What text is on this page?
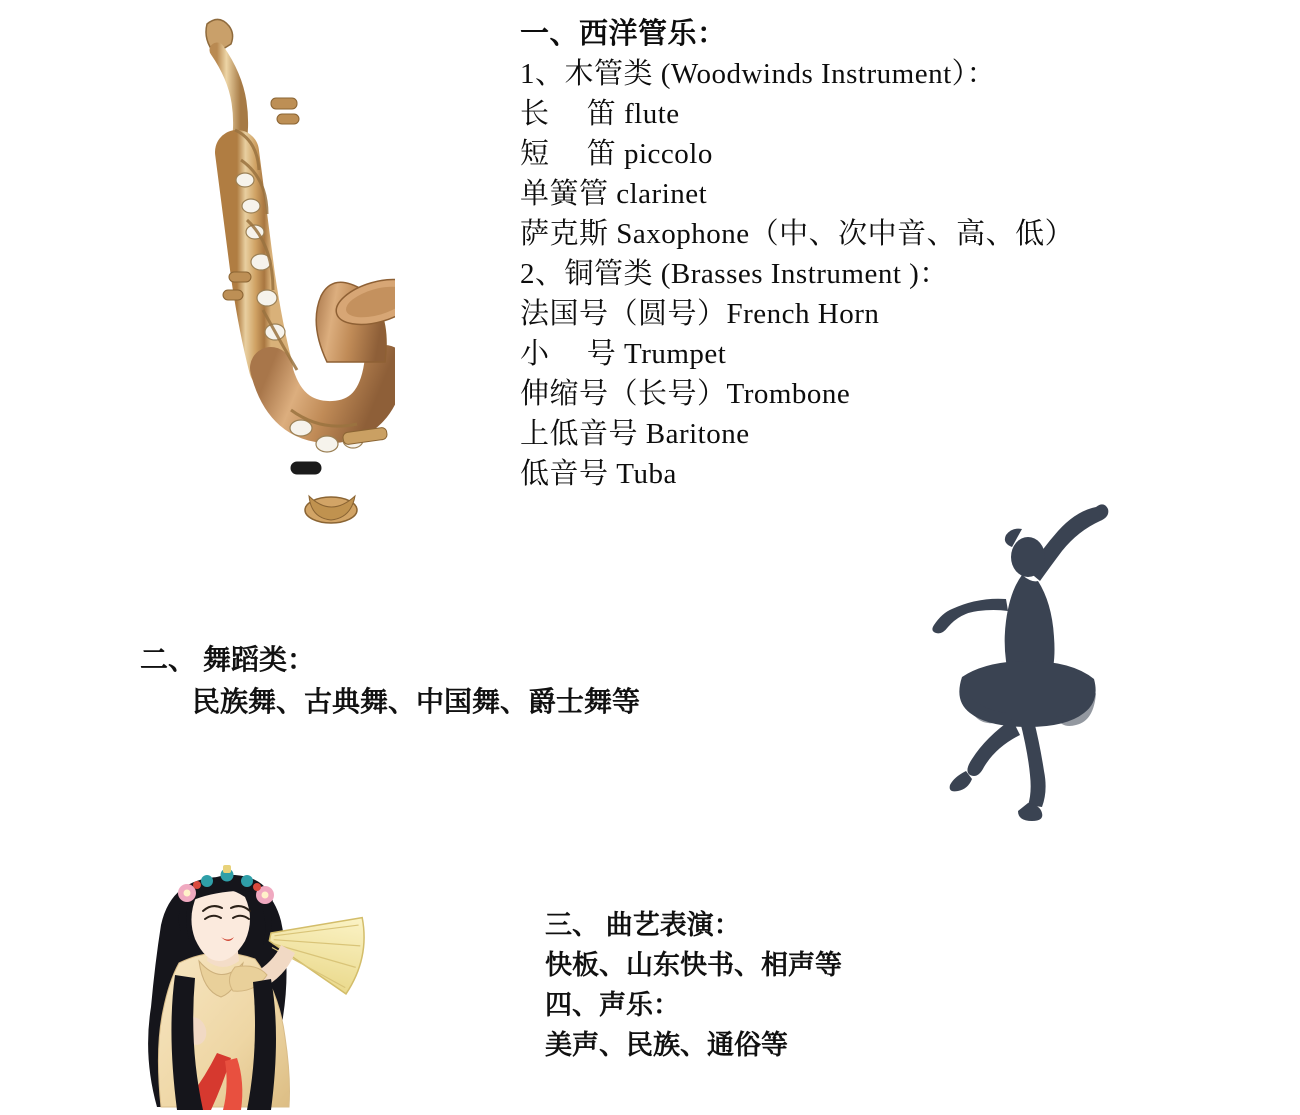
一、西洋管乐：
1、木管类 (Woodwinds Instrument）：
长　 笛 flute
短　 笛 piccolo
单簧管 clarinet
萨克斯 Saxophone（中、次中音、高、低）
2、铜管类 (Brasses Instrument )：
法国号（圆号）French Horn
小　 号 Trumpet
伸缩号（长号）Trombone
上低音号 Baritone
低音号 Tuba
二、 舞蹈类：
民族舞、古典舞、中国舞、爵士舞等
三、 曲艺表演：
快板、山东快书、相声等
四、声乐：
美声、民族、通俗等
